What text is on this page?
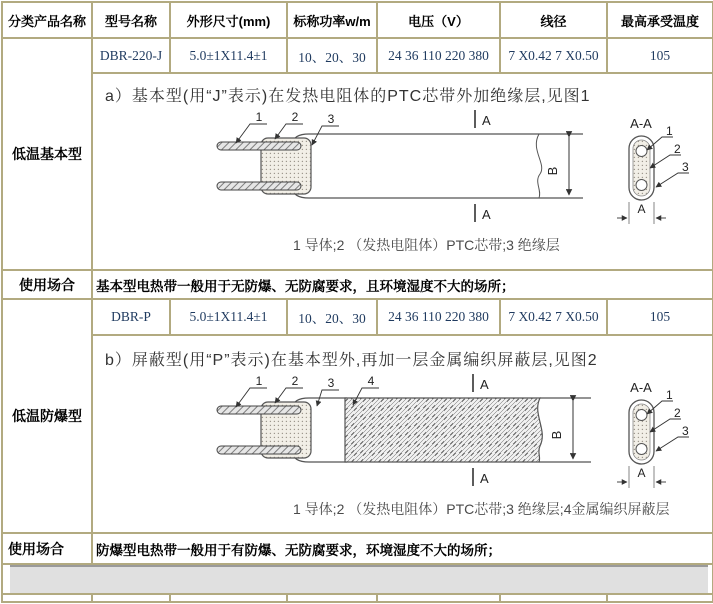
分类产品名称	型号名称	外形尺寸(mm)	标称功率w/m	电压（V）	线径	最高承受温度
低温基本型	DBR-220-J	5.0±1X11.4±1	10、20、30	24 36 110 220 380	7 X0.42 7 X0.50	105

a）基本型(用“J”表示)在发热电阻体的PTC芯带外加绝缘层,见图1
1 2 3	A
A
B
A-A 1
2
3
A
1 导体;2 （发热电阻体）PTC芯带;3 绝缘层

使用场合	基本型电热带一般用于无防爆、无防腐要求，且环境湿度不大的场所；					
低温防爆型	DBR-P	5.0±1X11.4±1	10、20、30	24 36 110 220 380	7 X0.42 7 X0.50	105

b）屏蔽型(用“P”表示)在基本型外,再加一层金属编织屏蔽层,见图2
1 2 3	4	A
A
B
A-A 1
2
3
A
1 导体;2 （发热电阻体）PTC芯带;3 绝缘层;4金属编织屏蔽层

使用场合	防爆型电热带一般用于有防爆、无防腐要求，环境湿度不大的场所；					
